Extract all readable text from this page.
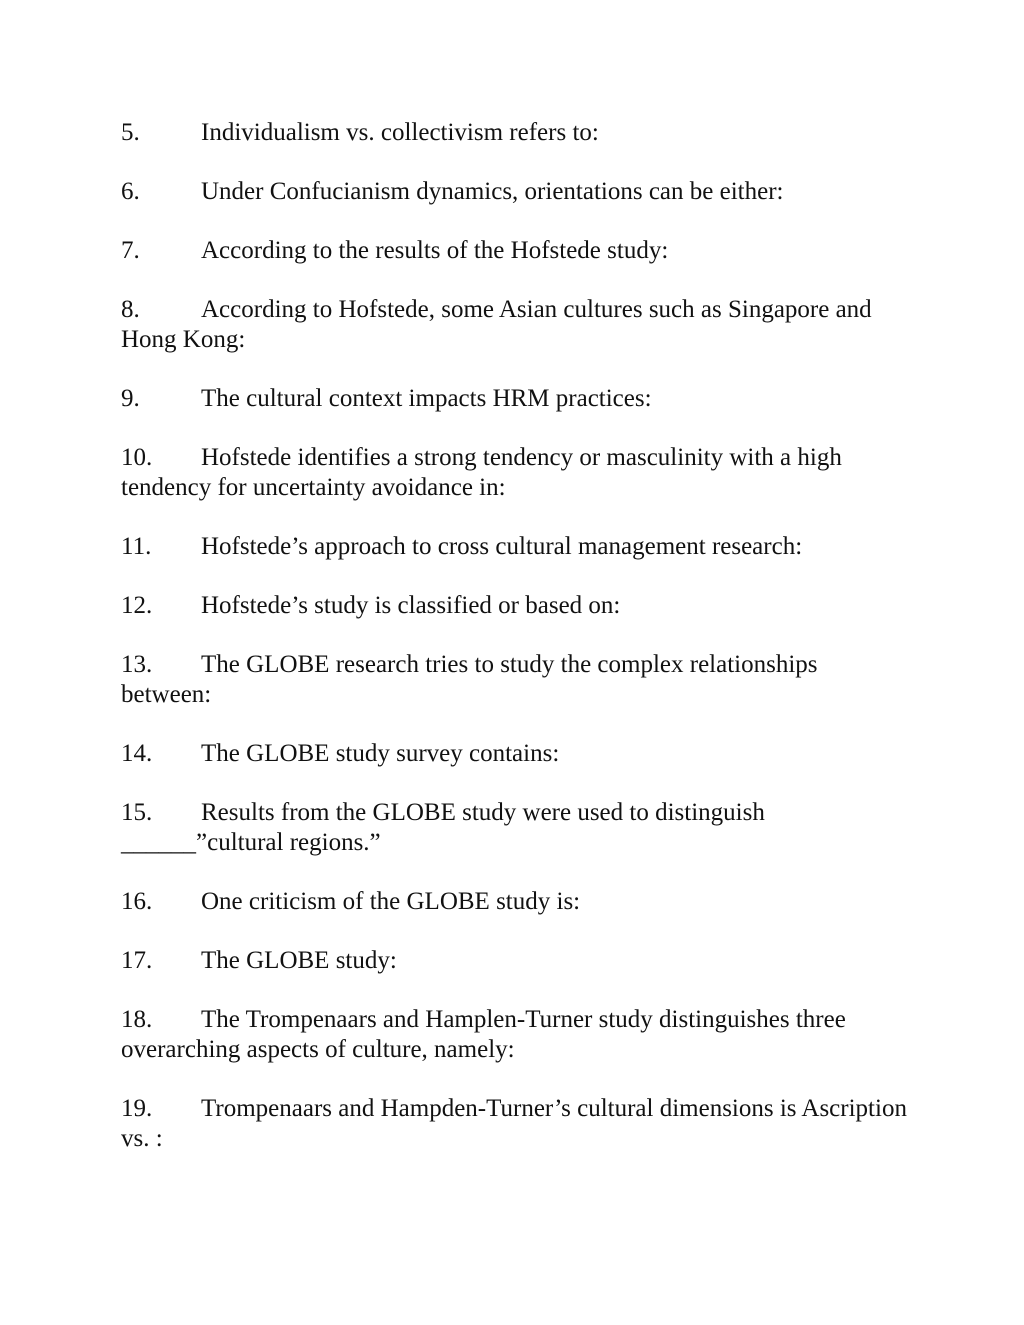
5. Individualism vs. collectivism refers to:
6. Under Confucianism dynamics, orientations can be either:
7. According to the results of the Hofstede study:
8. According to Hofstede, some Asian cultures such as Singapore and Hong Kong:
9. The cultural context impacts HRM practices:
10. Hofstede identifies a strong tendency or masculinity with a high tendency for uncertainty avoidance in:
11. Hofstede’s approach to cross cultural management research:
12. Hofstede’s study is classified or based on:
13. The GLOBE research tries to study the complex relationships between:
14. The GLOBE study survey contains:
15. Results from the GLOBE study were used to distinguish ______”cultural regions.”
16. One criticism of the GLOBE study is:
17. The GLOBE study:
18. The Trompenaars and Hamplen-Turner study distinguishes three overarching aspects of culture, namely:
19. Trompenaars and Hampden-Turner’s cultural dimensions is Ascription vs. :
